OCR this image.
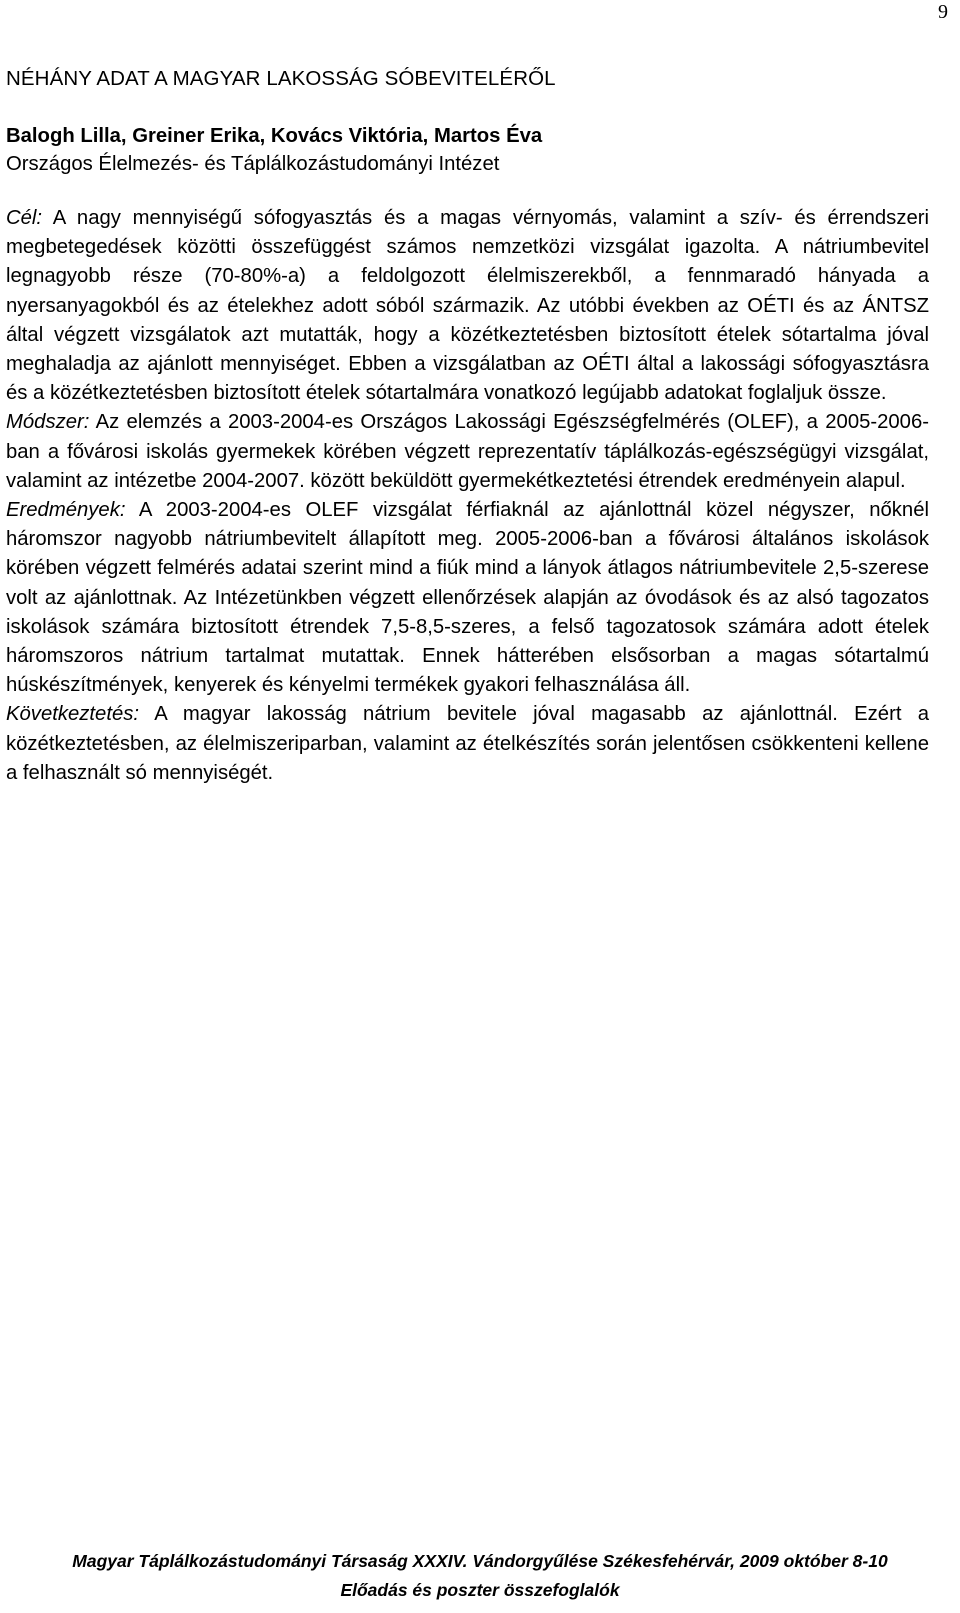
9
NÉHÁNY ADAT A MAGYAR LAKOSSÁG SÓBEVITELÉRŐL
Balogh Lilla, Greiner Erika, Kovács Viktória, Martos Éva
Országos Élelmezés- és Táplálkozástudományi Intézet

Cél: A nagy mennyiségű sófogyasztás és a magas vérnyomás, valamint a szív- és érrendszeri megbetegedések közötti összefüggést számos nemzetközi vizsgálat igazolta. A nátriumbevitel legnagyobb része (70-80%-a) a feldolgozott élelmiszerekből, a fennmaradó hányada a nyersanyagokból és az ételekhez adott sóból származik. Az utóbbi években az OÉTI és az ÁNTSZ által végzett vizsgálatok azt mutatták, hogy a közétkeztetésben biztosított ételek sótartalma jóval meghaladja az ajánlott mennyiséget. Ebben a vizsgálatban az OÉTI által a lakossági sófogyasztásra és a közétkeztetésben biztosított ételek sótartalmára vonatkozó legújabb adatokat foglaljuk össze.

Módszer: Az elemzés a 2003-2004-es Országos Lakossági Egészségfelmérés (OLEF), a 2005-2006-ban a fővárosi iskolás gyermekek körében végzett reprezentatív táplálkozás-egészségügyi vizsgálat, valamint az intézetbe 2004-2007. között beküldött gyermekétkeztetési étrendek eredményein alapul.

Eredmények: A 2003-2004-es OLEF vizsgálat férfiaknál az ajánlottnál közel négyszer, nőknél háromszor nagyobb nátriumbevitelt állapított meg. 2005-2006-ban a fővárosi általános iskolások körében végzett felmérés adatai szerint mind a fiúk mind a lányok átlagos nátriumbevitele 2,5-szerese volt az ajánlottnak. Az Intézetünkben végzett ellenőrzések alapján az óvodások és az alsó tagozatos iskolások számára biztosított étrendek 7,5-8,5-szeres, a felső tagozatosok számára adott ételek háromszoros nátrium tartalmat mutattak. Ennek hátterében elsősorban a magas sótartalmú húskészítmények, kenyerek és kényelmi termékek gyakori felhasználása áll.

Következtetés: A magyar lakosság nátrium bevitele jóval magasabb az ajánlottnál. Ezért a közétkeztetésben, az élelmiszeriparban, valamint az ételkészítés során jelentősen csökkenteni kellene a felhasznált só mennyiségét.

Magyar Táplálkozástudományi Társaság XXXIV. Vándorgyűlése Székesfehérvár, 2009 október 8-10
Előadás és poszter összefoglalók
